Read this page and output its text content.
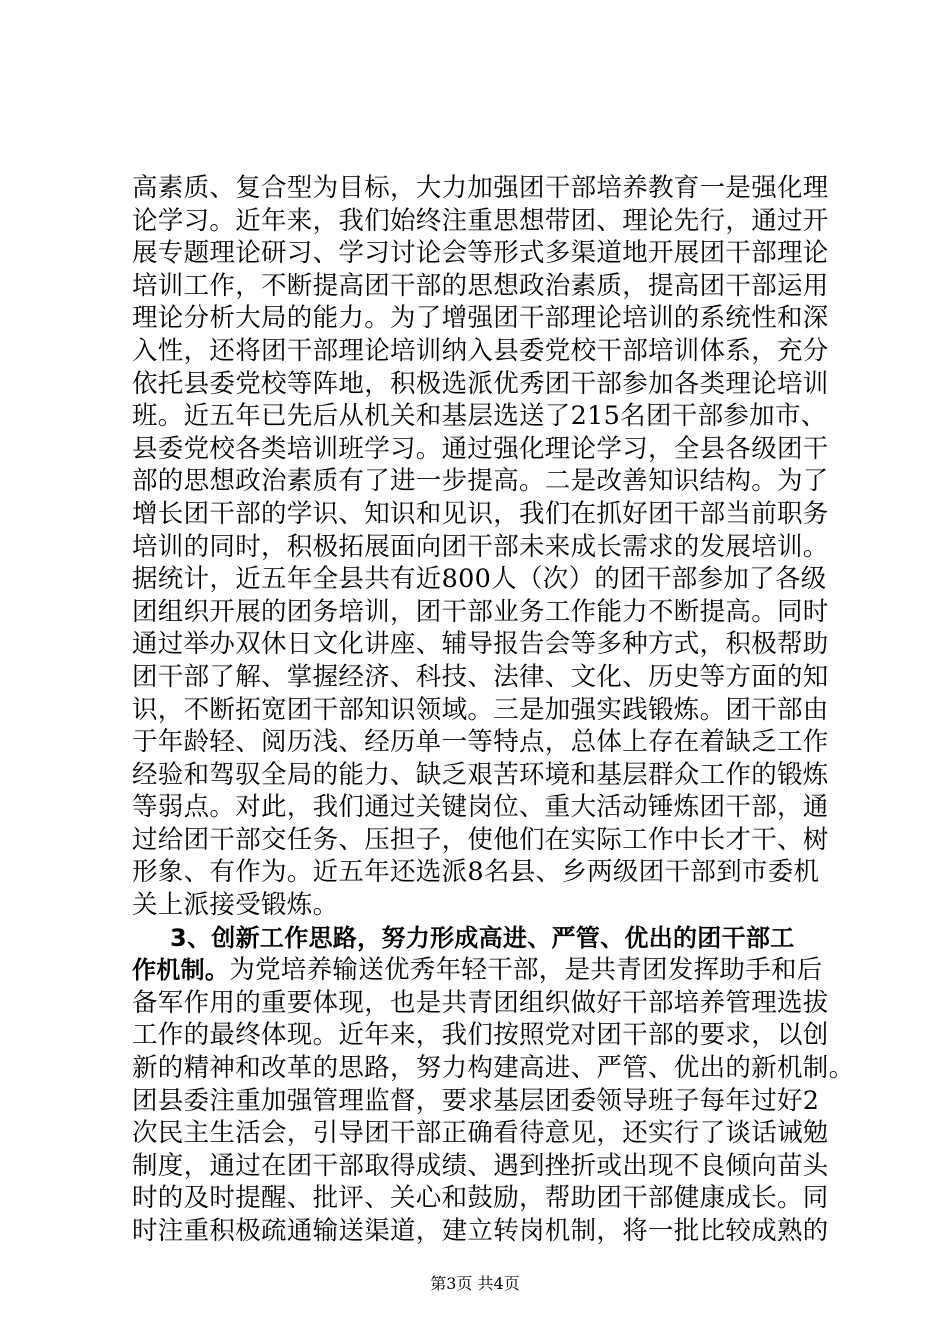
高素质、复合型为目标，大力加强团干部培养教育一是强化理
论学习。近年来，我们始终注重思想带团、理论先行，通过开
展专题理论研习、学习讨论会等形式多渠道地开展团干部理论
培训工作，不断提高团干部的思想政治素质，提高团干部运用
理论分析大局的能力。为了增强团干部理论培训的系统性和深
入性，还将团干部理论培训纳入县委党校干部培训体系，充分
依托县委党校等阵地，积极选派优秀团干部参加各类理论培训
班。近五年已先后从机关和基层选送了215名团干部参加市、
县委党校各类培训班学习。通过强化理论学习，全县各级团干
部的思想政治素质有了进一步提高。二是改善知识结构。为了
增长团干部的学识、知识和见识，我们在抓好团干部当前职务
培训的同时，积极拓展面向团干部未来成长需求的发展培训。
据统计，近五年全县共有近800人（次）的团干部参加了各级
团组织开展的团务培训，团干部业务工作能力不断提高。同时
通过举办双休日文化讲座、辅导报告会等多种方式，积极帮助
团干部了解、掌握经济、科技、法律、文化、历史等方面的知
识，不断拓宽团干部知识领域。三是加强实践锻炼。团干部由
于年龄轻、阅历浅、经历单一等特点，总体上存在着缺乏工作
经验和驾驭全局的能力、缺乏艰苦环境和基层群众工作的锻炼
等弱点。对此，我们通过关键岗位、重大活动锤炼团干部，通
过给团干部交任务、压担子，使他们在实际工作中长才干、树
形象、有作为。近五年还选派8名县、乡两级团干部到市委机
关上派接受锻炼。
3、创新工作思路，努力形成高进、严管、优出的团干部工
作机制。为党培养输送优秀年轻干部，是共青团发挥助手和后
备军作用的重要体现，也是共青团组织做好干部培养管理选拔
工作的最终体现。近年来，我们按照党对团干部的要求，以创
新的精神和改革的思路，努力构建高进、严管、优出的新机制。
团县委注重加强管理监督，要求基层团委领导班子每年过好2
次民主生活会，引导团干部正确看待意见，还实行了谈话诫勉
制度，通过在团干部取得成绩、遇到挫折或出现不良倾向苗头
时的及时提醒、批评、关心和鼓励，帮助团干部健康成长。同
时注重积极疏通输送渠道，建立转岗机制，将一批比较成熟的
第3页 共4页
